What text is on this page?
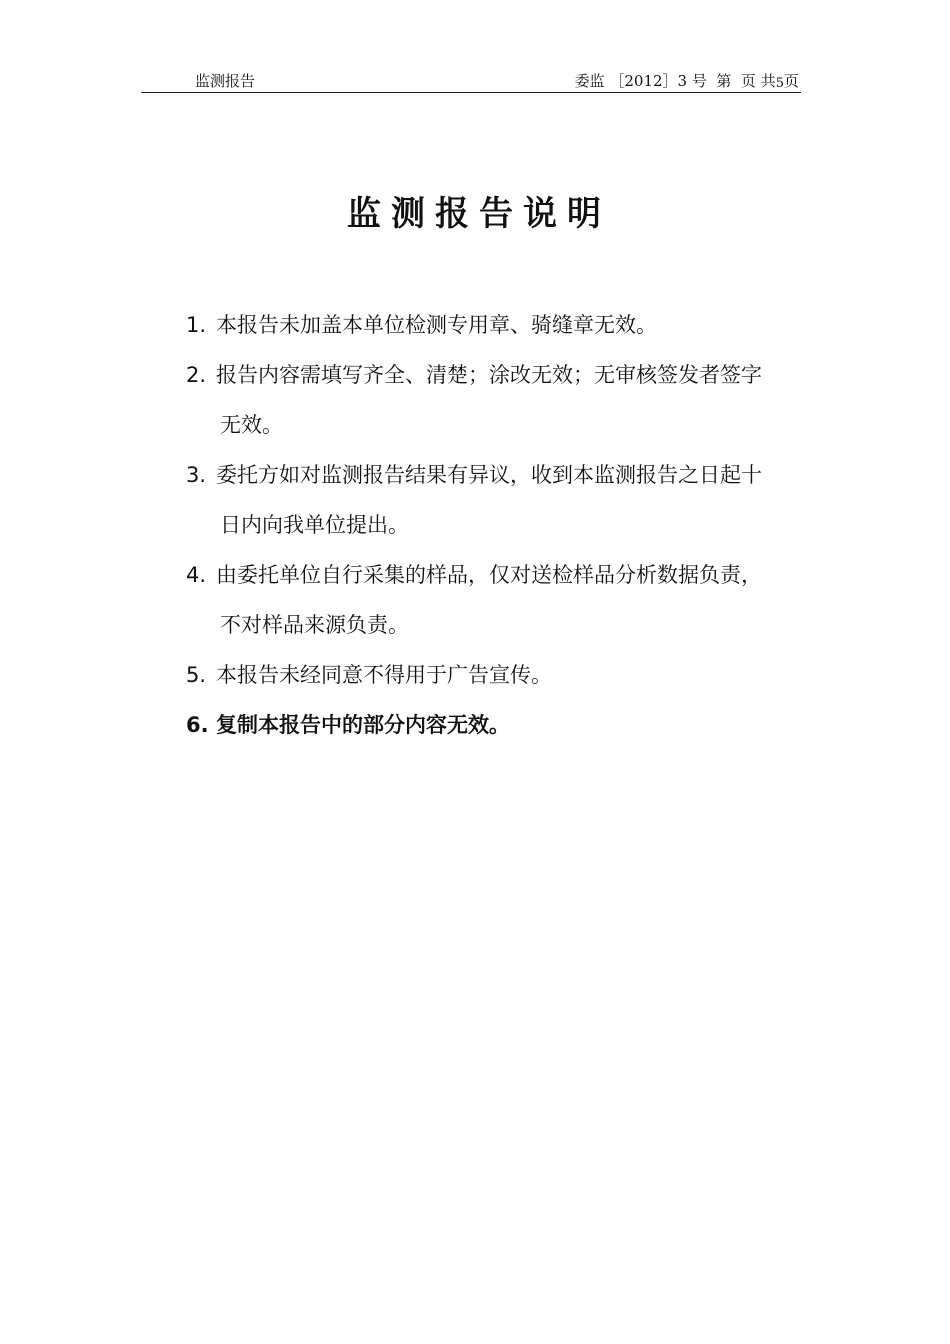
监测报告	委监 ［2012］3 号  第  页 共5页
监测报告说明
1. 本报告未加盖本单位检测专用章、骑缝章无效。
2. 报告内容需填写齐全、清楚；涂改无效；无审核签发者签字
无效。
3. 委托方如对监测报告结果有异议，收到本监测报告之日起十
日内向我单位提出。
4. 由委托单位自行采集的样品，仅对送检样品分析数据负责，
不对样品来源负责。
5. 本报告未经同意不得用于广告宣传。
6. 复制本报告中的部分内容无效。
